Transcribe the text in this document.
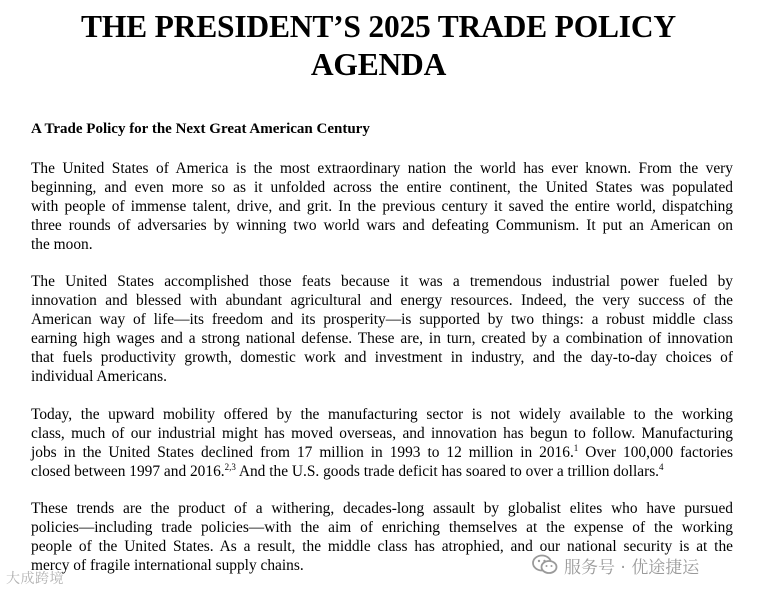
THE PRESIDENT’S 2025 TRADE POLICY
AGENDA
A Trade Policy for the Next Great American Century

The United States of America is the most extraordinary nation the world has ever known. From the very
beginning, and even more so as it unfolded across the entire continent, the United States was populated
with people of immense talent, drive, and grit. In the previous century it saved the entire world, dispatching
three rounds of adversaries by winning two world wars and defeating Communism. It put an American on
the moon.

The United States accomplished those feats because it was a tremendous industrial power fueled by
innovation and blessed with abundant agricultural and energy resources. Indeed, the very success of the
American way of life—its freedom and its prosperity—is supported by two things: a robust middle class
earning high wages and a strong national defense. These are, in turn, created by a combination of innovation
that fuels productivity growth, domestic work and investment in industry, and the day-to-day choices of
individual Americans.

Today, the upward mobility offered by the manufacturing sector is not widely available to the working
class, much of our industrial might has moved overseas, and innovation has begun to follow. Manufacturing
jobs in the United States declined from 17 million in 1993 to 12 million in 2016.$^1$ Over 100,000 factories
closed between 1997 and 2016.$^{2,3}$ And the U.S. goods trade deficit has soared to over a trillion dollars.$^4$

These trends are the product of a withering, decades-long assault by globalist elites who have pursued
policies—including trade policies—with the aim of enriching themselves at the expense of the working
people of the United States. As a result, the middle class has atrophied, and our national security is at the
mercy of fragile international supply chains.

大成跨境
服务号 · 优途捷运
